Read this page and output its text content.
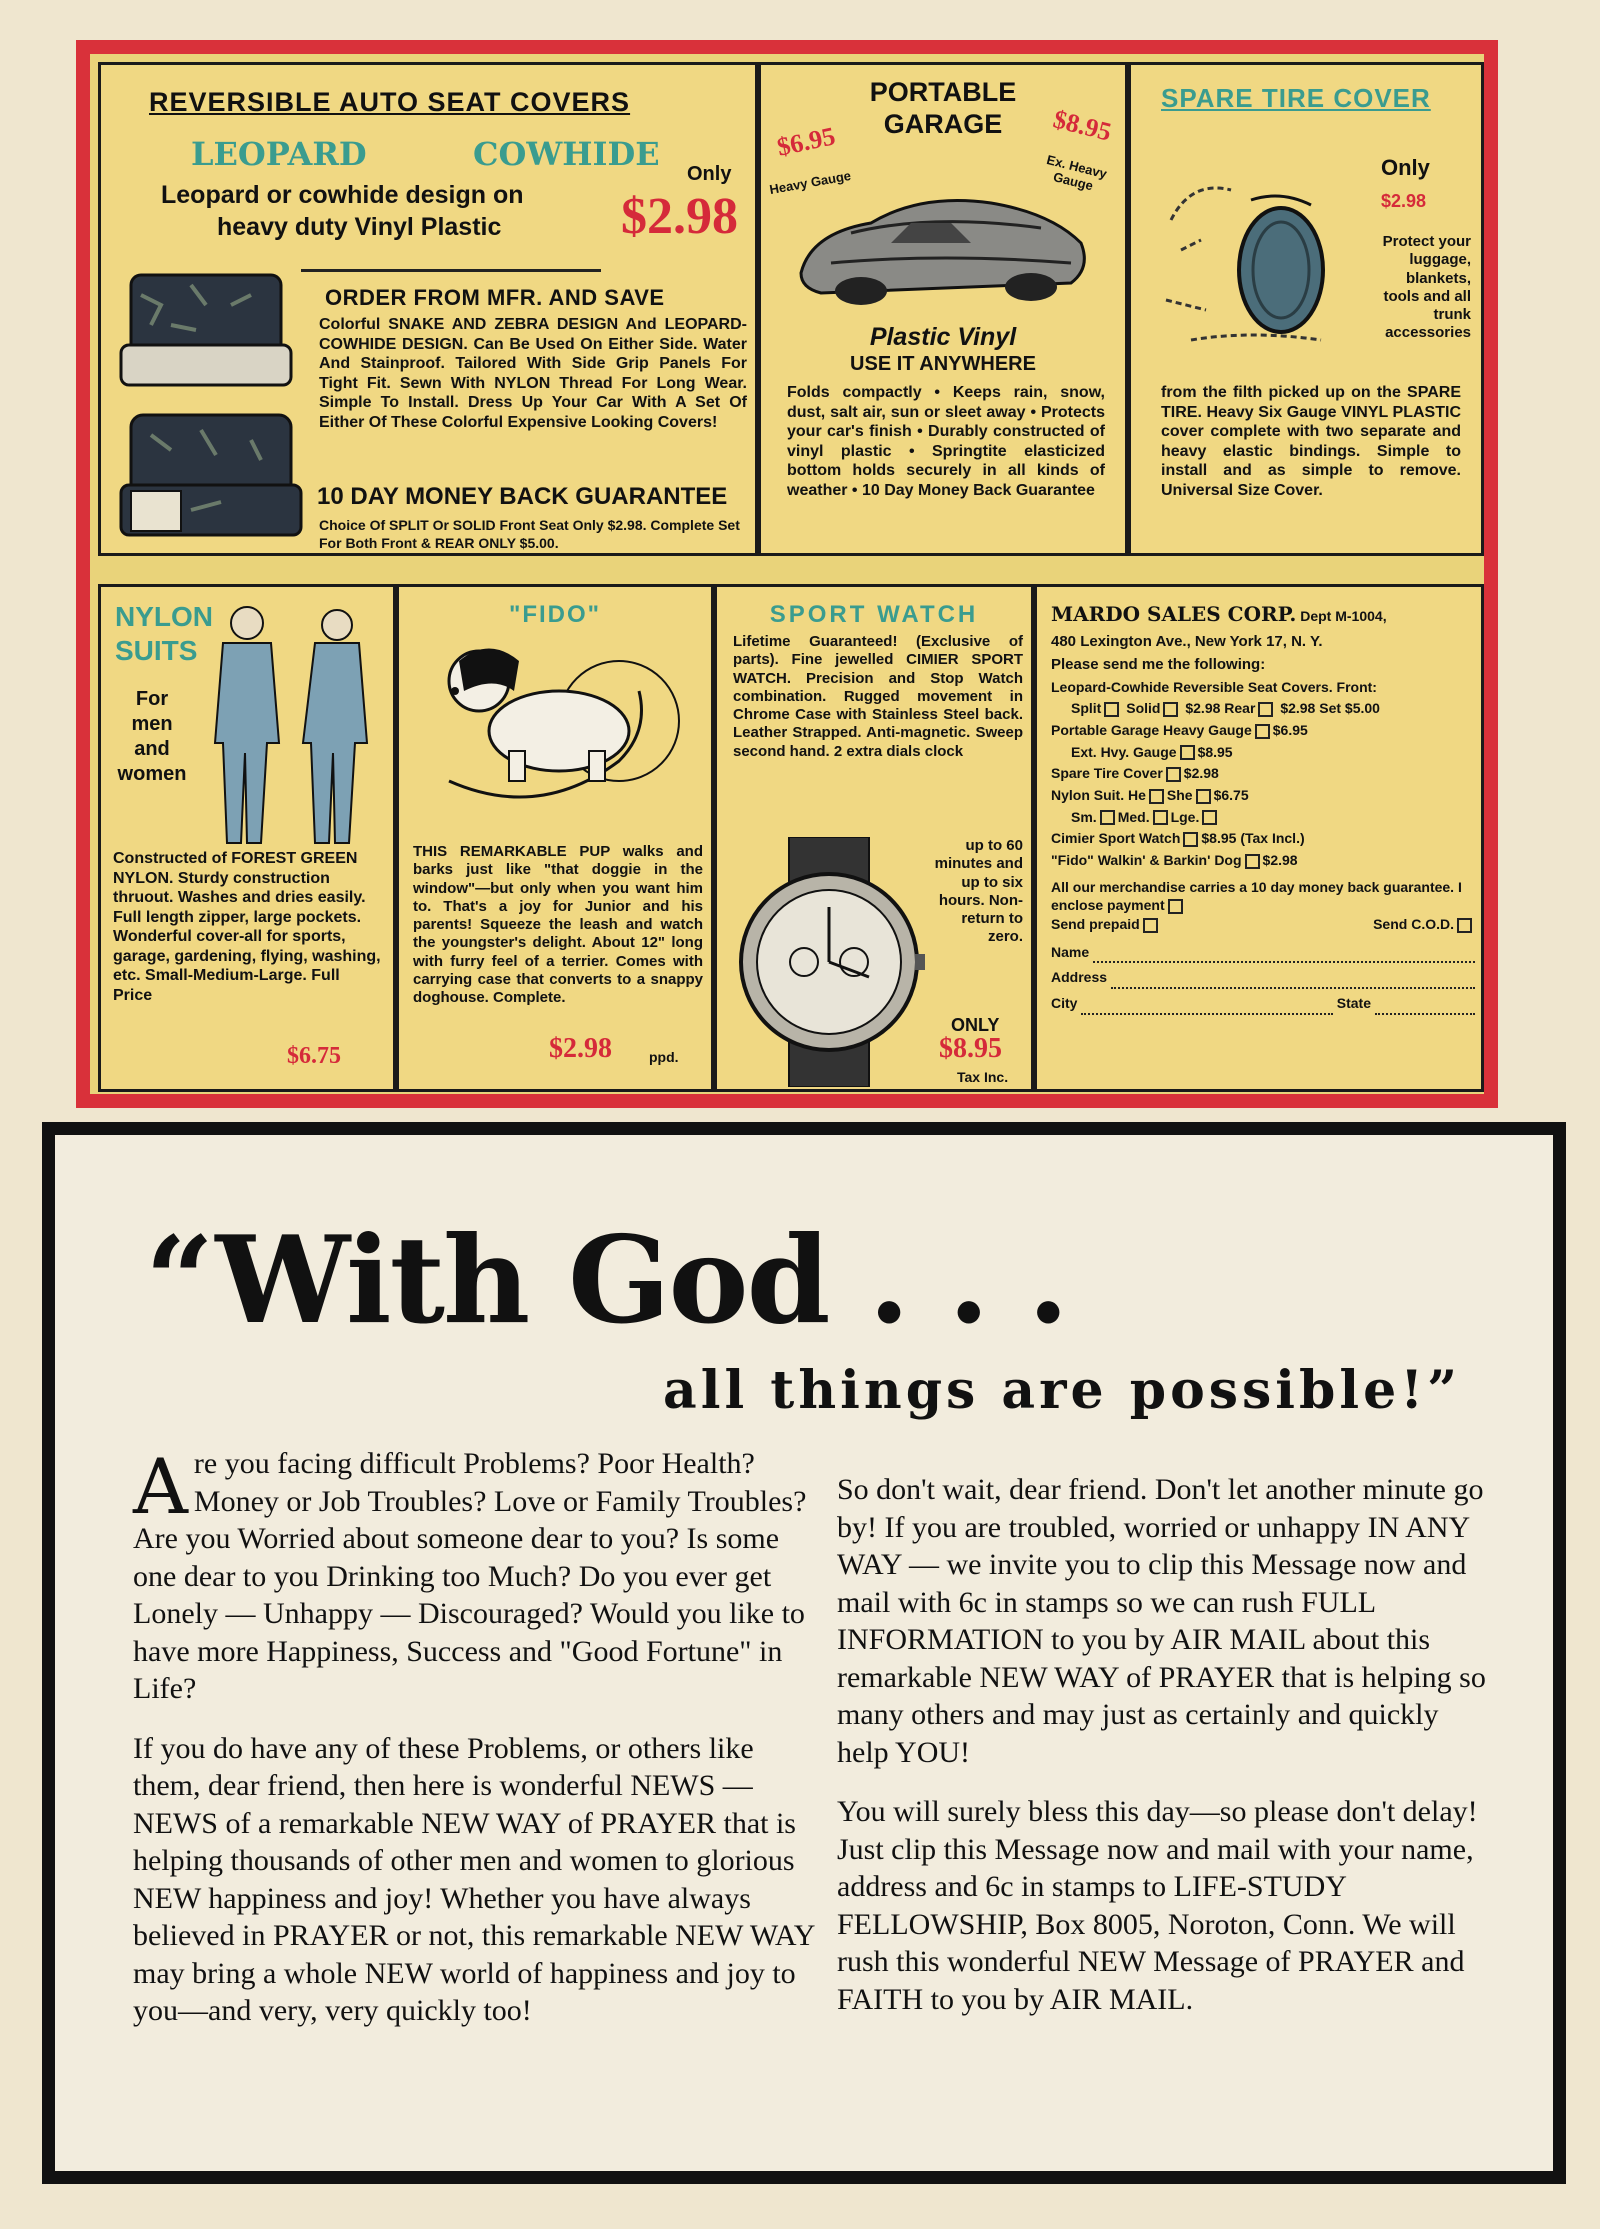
REVERSIBLE AUTO SEAT COVERS
LEOPARD	COWHIDE
Only
$2.98
Leopard or cowhide design on
heavy duty Vinyl Plastic
ORDER FROM MFR. AND SAVE
Colorful SNAKE AND ZEBRA DESIGN And LEOPARD-COWHIDE DESIGN. Can Be Used On Either Side. Water And Stainproof. Tailored With Side Grip Panels For Tight Fit. Sewn With NYLON Thread For Long Wear. Simple To Install. Dress Up Your Car With A Set Of Either Of These Colorful Expensive Looking Covers!
10 DAY MONEY BACK GUARANTEE
Choice Of SPLIT Or SOLID Front Seat Only $2.98. Complete Set For Both Front & REAR ONLY $5.00.
PORTABLE
GARAGE
$6.95
Heavy Gauge
$8.95
Ex. Heavy Gauge
Plastic Vinyl
USE IT ANYWHERE
Folds compactly • Keeps rain, snow, dust, salt air, sun or sleet away • Protects your car's finish • Durably constructed of vinyl plastic • Springtite elasticized bottom holds securely in all kinds of weather • 10 Day Money Back Guarantee
SPARE TIRE COVER
Only
$2.98
Protect your luggage, blankets, tools and all trunk accessories
from the filth picked up on the SPARE TIRE. Heavy Six Gauge VINYL PLASTIC cover complete with two separate and heavy elastic bindings. Simple to install and as simple to remove. Universal Size Cover.
NYLON
SUITS
For men and women
Constructed of FOREST GREEN NYLON. Sturdy construction thruout. Washes and dries easily. Full length zipper, large pockets. Wonderful cover-all for sports, garage, gardening, flying, washing, etc. Small-Medium-Large. Full Price
$6.75
"FIDO"
THIS REMARKABLE PUP walks and barks just like "that doggie in the window"—but only when you want him to. That's a joy for Junior and his parents! Squeeze the leash and watch the youngster's delight. About 12" long with furry feel of a terrier. Comes with carrying case that converts to a snappy doghouse. Complete.
$2.98	ppd.
SPORT WATCH
Lifetime Guaranteed! (Exclusive of parts). Fine jewelled CIMIER SPORT WATCH. Precision and Stop Watch combination. Rugged movement in Chrome Case with Stainless Steel back. Leather Strapped. Anti-magnetic. Sweep second hand. 2 extra dials clock
up to 60 minutes and up to six hours. Non-return to zero.
ONLY
$8.95
Tax Inc.
MARDO SALES CORP. Dept M-1004,
480 Lexington Ave., New York 17, N. Y.
Please send me the following:
Leopard-Cowhide Reversible Seat Covers. Front:
Split Solid $2.98 Rear $2.98 Set $5.00
Portable Garage Heavy Gauge $6.95
Ext. Hvy. Gauge $8.95
Spare Tire Cover $2.98
Nylon Suit. He She $6.75
Sm. Med. Lge.
Cimier Sport Watch $8.95 (Tax Incl.)
"Fido" Walkin' & Barkin' Dog $2.98
All our merchandise carries a 10 day money back guarantee. I enclose payment
Send prepaid	Send C.O.D.
Name
Address
City	State
“With God . . .
all things are possible!”

Are you facing difficult Problems? Poor Health? Money or Job Troubles? Love or Family Troubles? Are you Worried about someone dear to you? Is some one dear to you Drinking too Much? Do you ever get Lonely — Unhappy — Discouraged? Would you like to have more Happiness, Success and "Good Fortune" in Life?

If you do have any of these Problems, or others like them, dear friend, then here is wonderful NEWS — NEWS of a remarkable NEW WAY of PRAYER that is helping thousands of other men and women to glorious NEW happiness and joy! Whether you have always believed in PRAYER or not, this remarkable NEW WAY may bring a whole NEW world of happiness and joy to you—and very, very quickly too!

So don't wait, dear friend. Don't let another minute go by! If you are troubled, worried or unhappy IN ANY WAY — we invite you to clip this Message now and mail with 6c in stamps so we can rush FULL INFORMATION to you by AIR MAIL about this remarkable NEW WAY of PRAYER that is helping so many others and may just as certainly and quickly help YOU!

You will surely bless this day—so please don't delay! Just clip this Message now and mail with your name, address and 6c in stamps to LIFE-STUDY FELLOWSHIP, Box 8005, Noroton, Conn. We will rush this wonderful NEW Message of PRAYER and FAITH to you by AIR MAIL.
